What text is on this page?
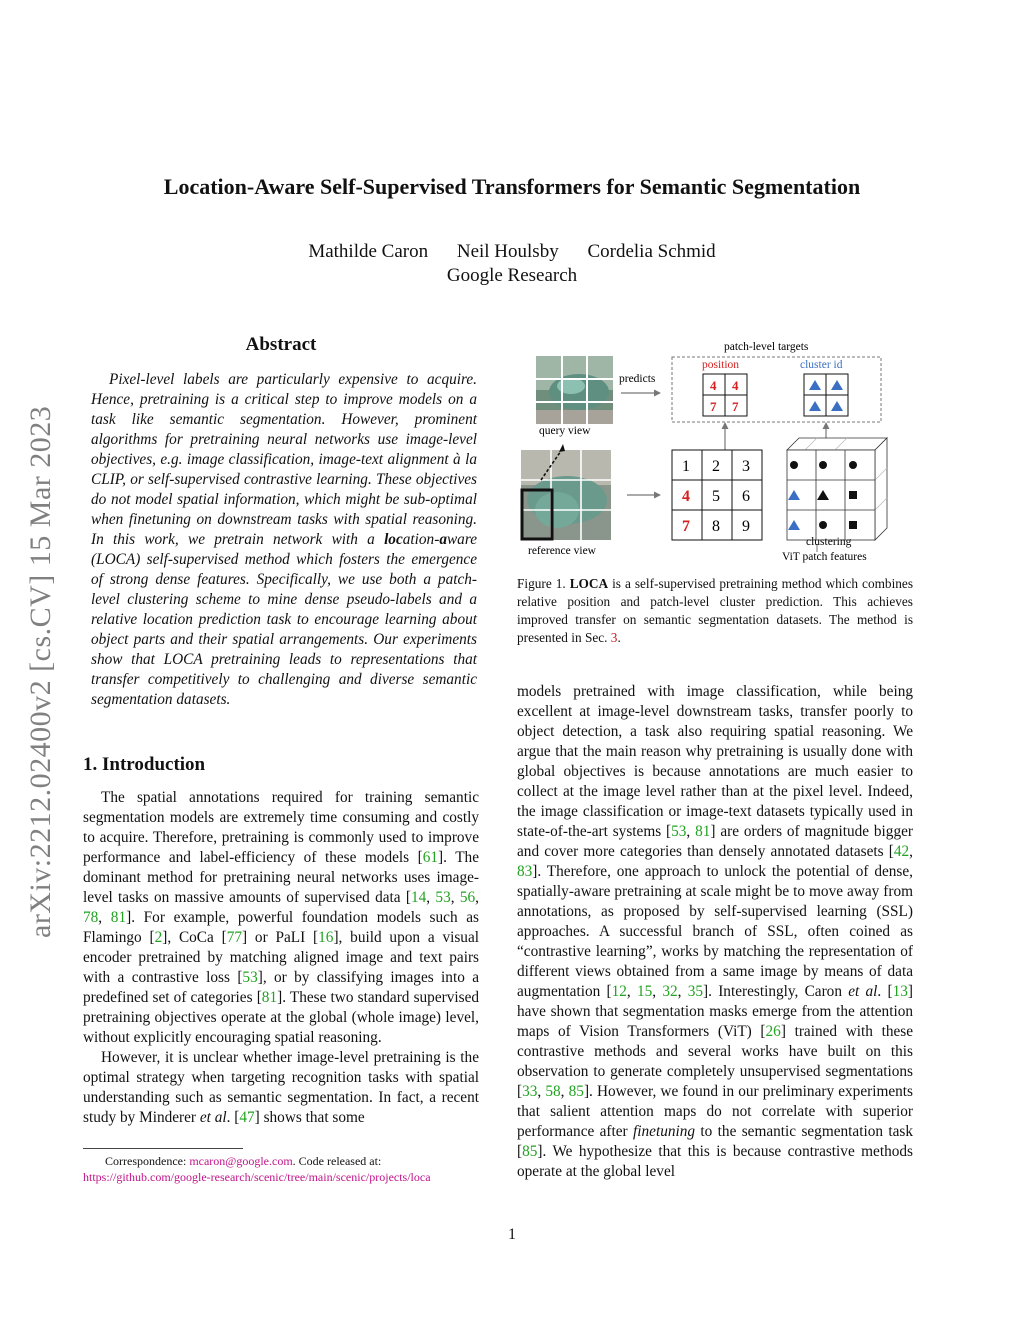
arXiv:2212.02400v2 [cs.CV] 15 Mar 2023
Location-Aware Self-Supervised Transformers for Semantic Segmentation
Mathilde Caron Neil Houlsby Cordelia Schmid
Google Research
Abstract

Pixel-level labels are particularly expensive to acquire. Hence, pretraining is a critical step to improve models on a task like semantic segmentation. However, prominent algorithms for pretraining neural networks use image-level objectives, e.g. image classification, image-text alignment à la CLIP, or self-supervised contrastive learning. These objectives do not model spatial information, which might be sub-optimal when finetuning on downstream tasks with spatial reasoning. In this work, we pretrain network with a location-aware (LOCA) self-supervised method which fosters the emergence of strong dense features. Specifically, we use both a patch-level clustering scheme to mine dense pseudo-labels and a relative location prediction task to encourage learning about object parts and their spatial arrangements. Our experiments show that LOCA pretraining leads to representations that transfer competitively to challenging and diverse semantic segmentation datasets.

1. Introduction

The spatial annotations required for training semantic segmentation models are extremely time consuming and costly to acquire. Therefore, pretraining is commonly used to improve performance and label-efficiency of these models [61]. The dominant method for pretraining neural networks uses image-level tasks on massive amounts of supervised data [14, 53, 56, 78, 81]. For example, powerful foundation models such as Flamingo [2], CoCa [77] or PaLI [16], build upon a visual encoder pretrained by matching aligned image and text pairs with a contrastive loss [53], or by classifying images into a predefined set of categories [81]. These two standard supervised pretraining objectives operate at the global (whole image) level, without explicitly encouraging spatial reasoning.

However, it is unclear whether image-level pretraining is the optimal strategy when targeting recognition tasks with spatial understanding such as semantic segmentation. In fact, a recent study by Minderer et al. [47] shows that some

Correspondence: mcaron@google.com. Code released at:
https://github.com/google-research/scenic/tree/main/scenic/projects/loca
query view
reference view
predicts
patch-level targets
position	cluster id
4 4
7 7
1 2 3
4 5 6
7 8 9
clustering
ViT patch features
Figure 1. LOCA is a self-supervised pretraining method which combines relative position and patch-level cluster prediction. This achieves improved transfer on semantic segmentation datasets. The method is presented in Sec. 3.

models pretrained with image classification, while being excellent at image-level downstream tasks, transfer poorly to object detection, a task also requiring spatial reasoning. We argue that the main reason why pretraining is usually done with global objectives is because annotations are much easier to collect at the image level rather than at the pixel level. Indeed, the image classification or image-text datasets typically used in state-of-the-art systems [53, 81] are orders of magnitude bigger and cover more categories than densely annotated datasets [42, 83]. Therefore, one approach to unlock the potential of dense, spatially-aware pretraining at scale might be to move away from annotations, as proposed by self-supervised learning (SSL) approaches. A successful branch of SSL, often coined as “contrastive learning”, works by matching the representation of different views obtained from a same image by means of data augmentation [12, 15, 32, 35]. Interestingly, Caron et al. [13] have shown that segmentation masks emerge from the attention maps of Vision Transformers (ViT) [26] trained with these contrastive methods and several works have built on this observation to generate completely unsupervised segmentations [33, 58, 85]. However, we found in our preliminary experiments that salient attention maps do not correlate with superior performance after finetuning to the semantic segmentation task [85]. We hypothesize that this is because contrastive methods operate at the global level

1
